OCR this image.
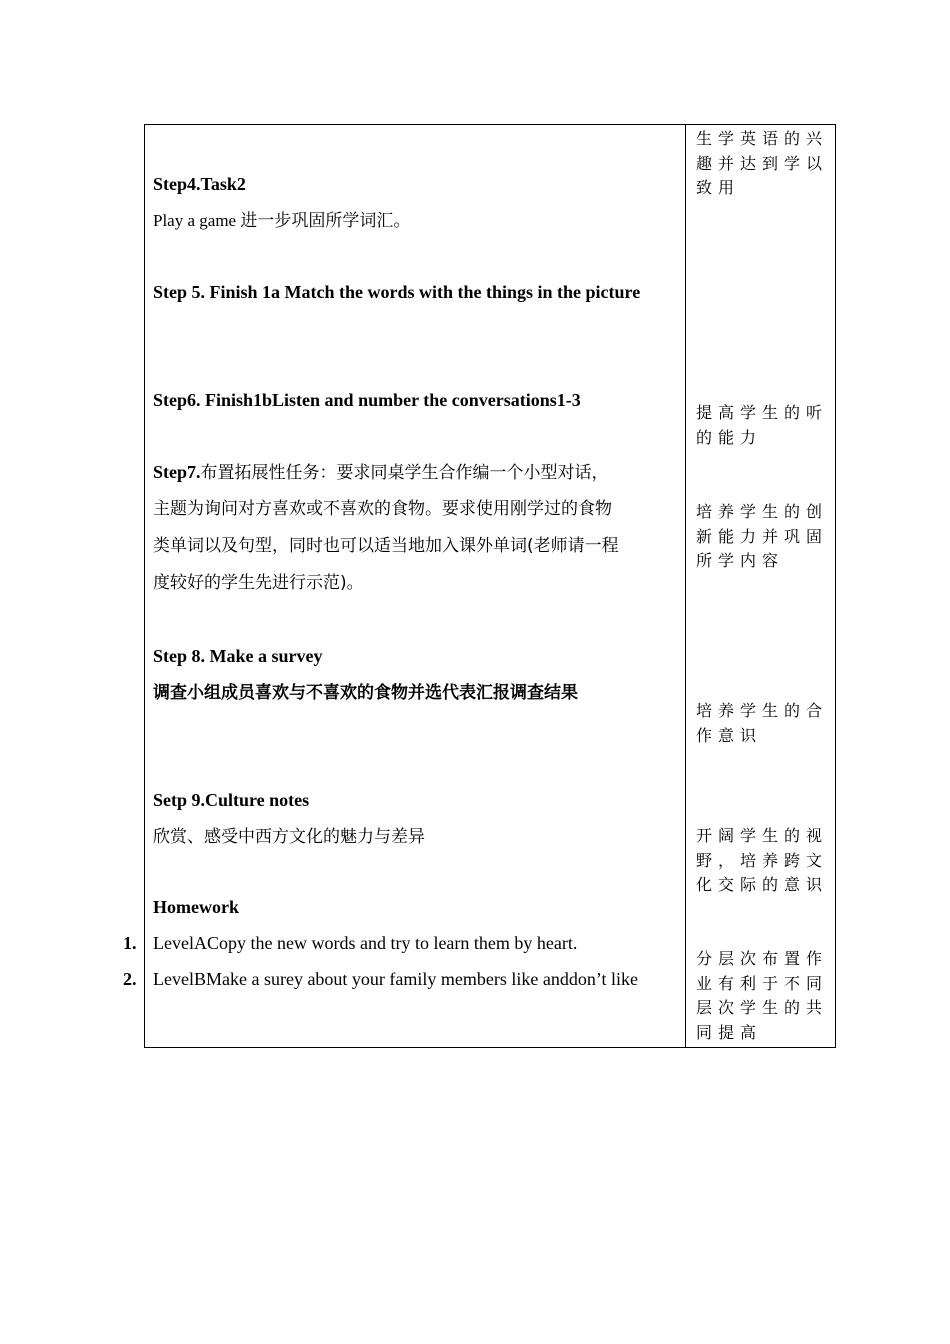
Step4.Task2
Play a game 进一步巩固所学词汇。
Step 5. Finish 1a Match the words with the things in the picture
Step6. Finish1bListen and number the conversations1-3
Step7.布置拓展性任务：要求同桌学生合作编一个小型对话，
主题为询问对方喜欢或不喜欢的食物。要求使用刚学过的食物
类单词以及句型，同时也可以适当地加入课外单词(老师请一程
度较好的学生先进行示范)。
Step 8. Make a survey
调查小组成员喜欢与不喜欢的食物并选代表汇报调查结果
Setp 9.Culture notes
欣赏、感受中西方文化的魅力与差异
Homework
1. LevelACopy the new words and try to learn them by heart.
2. LevelBMake a surey about your family members like anddon’t like
生学英语的兴趣并达到学以致用
提高学生的听的能力
培养学生的创新能力并巩固所学内容
培养学生的合作意识
开阔学生的视野，培养跨文化交际的意识
分层次布置作业有利于不同层次学生的共同提高
